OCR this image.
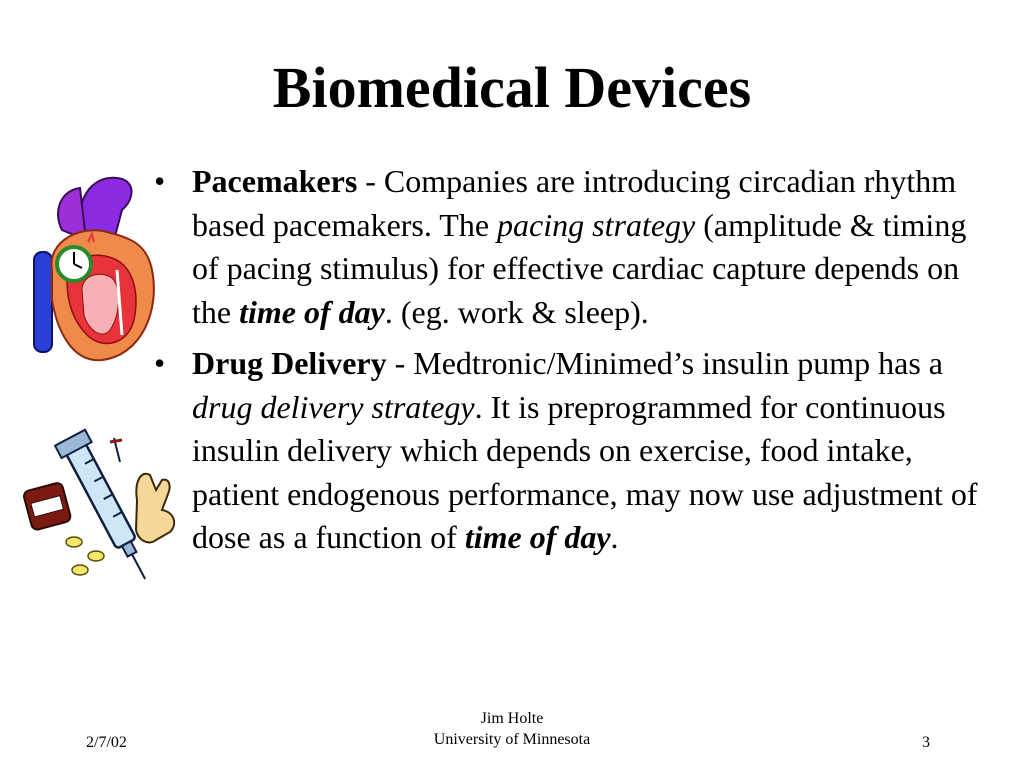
Biomedical Devices
• Pacemakers - Companies are introducing circadian rhythm based pacemakers. The pacing strategy (amplitude & timing of pacing stimulus) for effective cardiac capture depends on the time of day. (eg. work & sleep).
• Drug Delivery - Medtronic/Minimed’s insulin pump has a drug delivery strategy. It is preprogrammed for continuous insulin delivery which depends on exercise, food intake, patient endogenous performance, may now use adjustment of dose as a function of time of day.
2/7/02
Jim Holte
University of Minnesota	3
